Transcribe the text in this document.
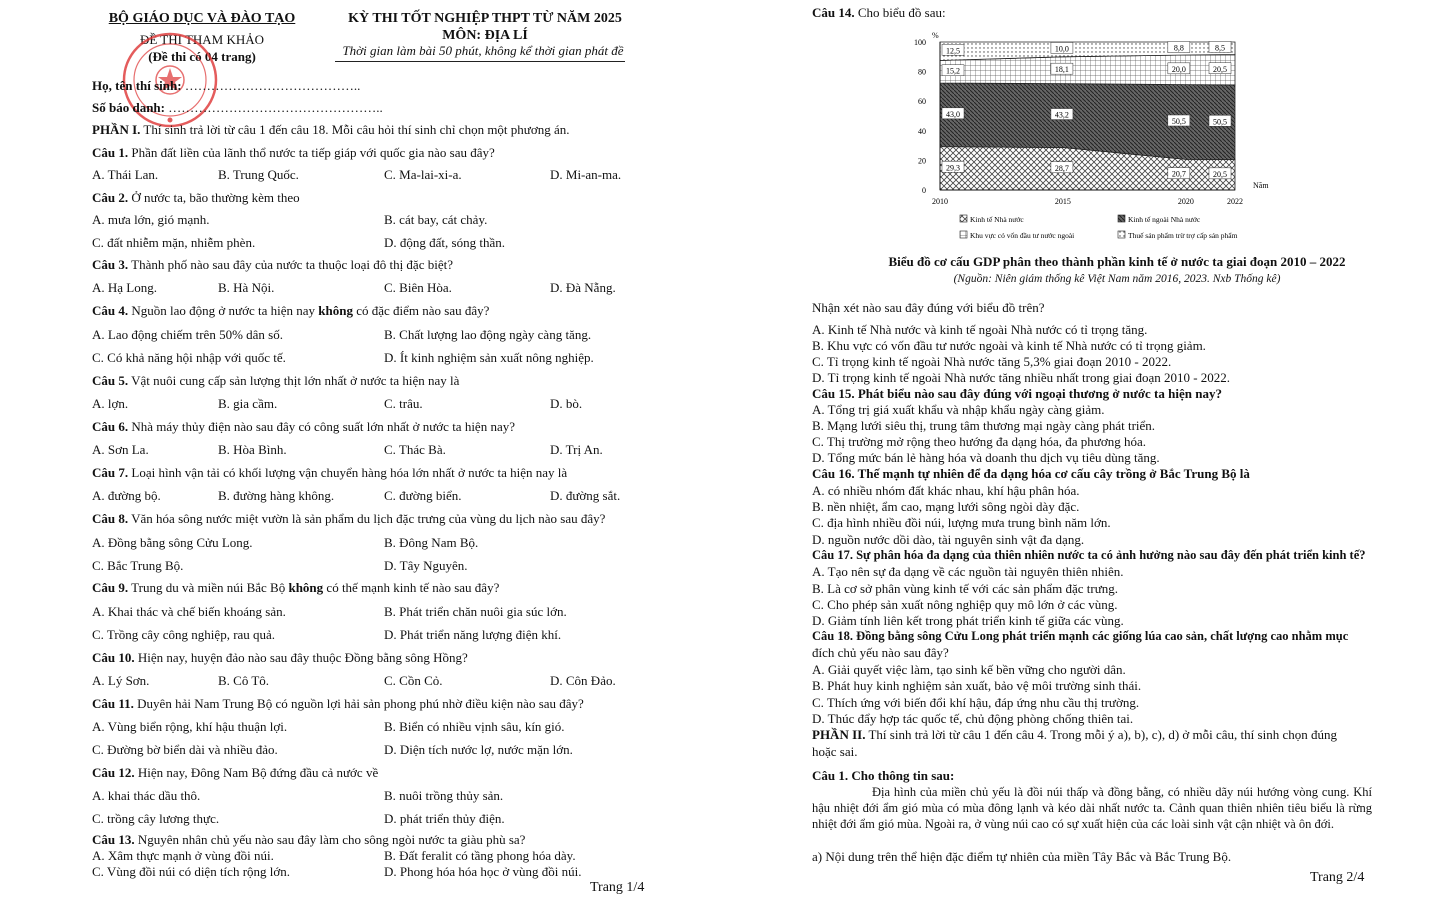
BỘ GIÁO DỤC VÀ ĐÀO TẠO
ĐỀ THI THAM KHẢO
(Đề thi có 04 trang)
KỲ THI TỐT NGHIỆP THPT TỪ NĂM 2025
MÔN: ĐỊA LÍ
Thời gian làm bài 50 phút, không kể thời gian phát đề
Họ, tên thí sinh: …………………………………..
Số báo danh: …………………………………………..
PHẦN I. Thí sinh trả lời từ câu 1 đến câu 18. Mỗi câu hỏi thí sinh chỉ chọn một phương án.
Câu 1. Phần đất liền của lãnh thổ nước ta tiếp giáp với quốc gia nào sau đây?
A. Thái Lan.	B. Trung Quốc.	C. Ma-lai-xi-a.	D. Mi-an-ma.
Câu 2. Ở nước ta, bão thường kèm theo
A. mưa lớn, gió mạnh.	B. cát bay, cát chảy.
C. đất nhiễm mặn, nhiễm phèn.	D. động đất, sóng thần.
Câu 3. Thành phố nào sau đây của nước ta thuộc loại đô thị đặc biệt?
A. Hạ Long.	B. Hà Nội.	C. Biên Hòa.	D. Đà Nẵng.
Câu 4. Nguồn lao động ở nước ta hiện nay không có đặc điểm nào sau đây?
A. Lao động chiếm trên 50% dân số.	B. Chất lượng lao động ngày càng tăng.
C. Có khả năng hội nhập với quốc tế.	D. Ít kinh nghiệm sản xuất nông nghiệp.
Câu 5. Vật nuôi cung cấp sản lượng thịt lớn nhất ở nước ta hiện nay là
A. lợn.	B. gia cầm.	C. trâu.	D. bò.
Câu 6. Nhà máy thủy điện nào sau đây có công suất lớn nhất ở nước ta hiện nay?
A. Sơn La.	B. Hòa Bình.	C. Thác Bà.	D. Trị An.
Câu 7. Loại hình vận tải có khối lượng vận chuyển hàng hóa lớn nhất ở nước ta hiện nay là
A. đường bộ.	B. đường hàng không.	C. đường biển.	D. đường sắt.
Câu 8. Văn hóa sông nước miệt vườn là sản phẩm du lịch đặc trưng của vùng du lịch nào sau đây?
A. Đồng bằng sông Cửu Long.	B. Đông Nam Bộ.
C. Bắc Trung Bộ.	D. Tây Nguyên.
Câu 9. Trung du và miền núi Bắc Bộ không có thế mạnh kinh tế nào sau đây?
A. Khai thác và chế biến khoáng sản.	B. Phát triển chăn nuôi gia súc lớn.
C. Trồng cây công nghiệp, rau quả.	D. Phát triển năng lượng điện khí.
Câu 10. Hiện nay, huyện đảo nào sau đây thuộc Đồng bằng sông Hồng?
A. Lý Sơn.	B. Cô Tô.	C. Cồn Cỏ.	D. Côn Đảo.
Câu 11. Duyên hải Nam Trung Bộ có nguồn lợi hải sản phong phú nhờ điều kiện nào sau đây?
A. Vùng biển rộng, khí hậu thuận lợi.	B. Biển có nhiều vịnh sâu, kín gió.
C. Đường bờ biển dài và nhiều đảo.	D. Diện tích nước lợ, nước mặn lớn.
Câu 12. Hiện nay, Đông Nam Bộ đứng đầu cả nước về
A. khai thác dầu thô.	B. nuôi trồng thủy sản.
C. trồng cây lương thực.	D. phát triển thủy điện.
Câu 13. Nguyên nhân chủ yếu nào sau đây làm cho sông ngòi nước ta giàu phù sa?
A. Xâm thực mạnh ở vùng đồi núi.	B. Đất feralit có tầng phong hóa dày.
C. Vùng đồi núi có diện tích rộng lớn.	D. Phong hóa hóa học ở vùng đồi núi.
Trang 1/4
Câu 14. Cho biểu đồ sau:
29,3	28,7
20,7	20,5
43,0	43,2
50,5	50,5
15,2	18,1	20,0	20,5
12,5	10,0	8,8	8,5
0
20
40
60
80
100
%
2010	2015	2020	2022
Năm
Kinh tế Nhà nước	Kinh tế ngoài Nhà nước
Khu vực có vốn đầu tư nước ngoài	Thuế sản phẩm trừ trợ cấp sản phẩm
Biểu đồ cơ cấu GDP phân theo thành phần kinh tế ở nước ta giai đoạn 2010 – 2022
(Nguồn: Niên giám thống kê Việt Nam năm 2016, 2023. Nxb Thống kê)
Nhận xét nào sau đây đúng với biểu đồ trên?
A. Kinh tế Nhà nước và kinh tế ngoài Nhà nước có tỉ trọng tăng.
B. Khu vực có vốn đầu tư nước ngoài và kinh tế Nhà nước có tỉ trọng giảm.
C. Tỉ trọng kinh tế ngoài Nhà nước tăng 5,3% giai đoạn 2010 - 2022.
D. Tỉ trọng kinh tế ngoài Nhà nước tăng nhiều nhất trong giai đoạn 2010 - 2022.
Câu 15. Phát biểu nào sau đây đúng với ngoại thương ở nước ta hiện nay?
A. Tổng trị giá xuất khẩu và nhập khẩu ngày càng giảm.
B. Mạng lưới siêu thị, trung tâm thương mại ngày càng phát triển.
C. Thị trường mở rộng theo hướng đa dạng hóa, đa phương hóa.
D. Tổng mức bán lẻ hàng hóa và doanh thu dịch vụ tiêu dùng tăng.
Câu 16. Thế mạnh tự nhiên để đa dạng hóa cơ cấu cây trồng ở Bắc Trung Bộ là
A. có nhiều nhóm đất khác nhau, khí hậu phân hóa.
B. nền nhiệt, ẩm cao, mạng lưới sông ngòi dày đặc.
C. địa hình nhiều đồi núi, lượng mưa trung bình năm lớn.
D. nguồn nước dồi dào, tài nguyên sinh vật đa dạng.
Câu 17. Sự phân hóa đa dạng của thiên nhiên nước ta có ảnh hưởng nào sau đây đến phát triển kinh tế?
A. Tạo nên sự đa dạng về các nguồn tài nguyên thiên nhiên.
B. Là cơ sở phân vùng kinh tế với các sản phẩm đặc trưng.
C. Cho phép sản xuất nông nghiệp quy mô lớn ở các vùng.
D. Giảm tính liên kết trong phát triển kinh tế giữa các vùng.
Câu 18. Đồng bằng sông Cửu Long phát triển mạnh các giống lúa cao sản, chất lượng cao nhằm mục
đích chủ yếu nào sau đây?
A. Giải quyết việc làm, tạo sinh kế bền vững cho người dân.
B. Phát huy kinh nghiệm sản xuất, bảo vệ môi trường sinh thái.
C. Thích ứng với biến đổi khí hậu, đáp ứng nhu cầu thị trường.
D. Thúc đẩy hợp tác quốc tế, chủ động phòng chống thiên tai.
PHẦN II. Thí sinh trả lời từ câu 1 đến câu 4. Trong mỗi ý a), b), c), d) ở mỗi câu, thí sinh chọn đúng
hoặc sai.
Câu 1. Cho thông tin sau:
Địa hình của miền chủ yếu là đồi núi thấp và đồng bằng, có nhiều dãy núi hướng vòng cung. Khí hậu nhiệt đới ẩm gió mùa có mùa đông lạnh và kéo dài nhất nước ta. Cảnh quan thiên nhiên tiêu biểu là rừng nhiệt đới ẩm gió mùa. Ngoài ra, ở vùng núi cao có sự xuất hiện của các loài sinh vật cận nhiệt và ôn đới.
a) Nội dung trên thể hiện đặc điểm tự nhiên của miền Tây Bắc và Bắc Trung Bộ.
Trang 2/4
